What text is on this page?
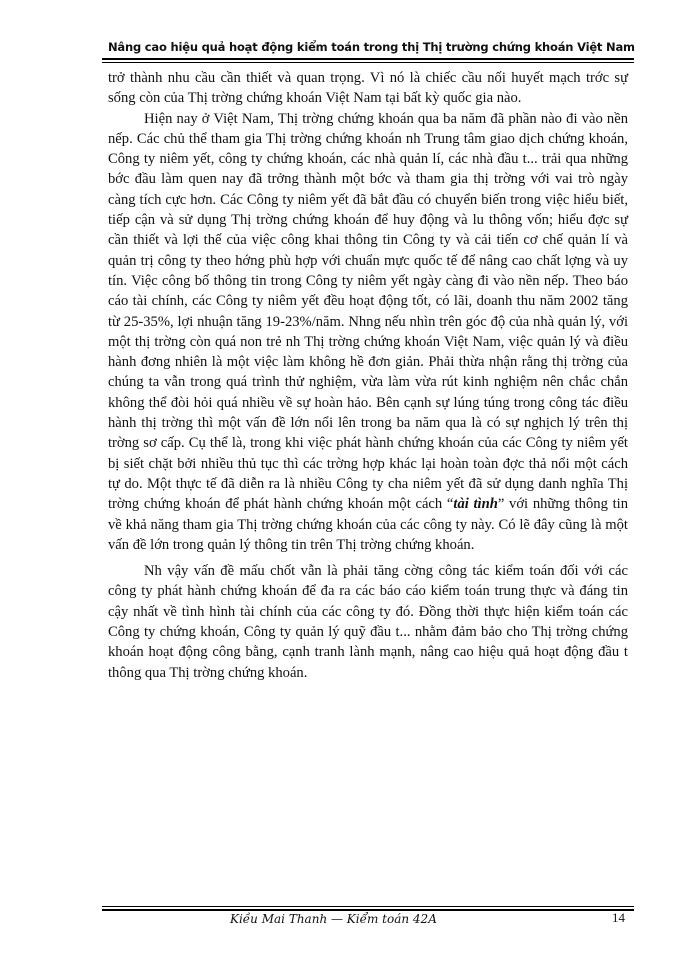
Nâng cao hiệu quả hoạt động kiểm toán trong thị Thị trường chứng khoán Việt Nam

trở thành nhu cầu cần thiết và quan trọng. Vì nó là chiếc cầu nối huyết mạch trớc sự sống còn của Thị trờng chứng khoán Việt Nam tại bất kỳ quốc gia nào.

Hiện nay ở Việt Nam, Thị trờng chứng khoán qua ba năm đã phần nào đi vào nền nếp. Các chủ thể tham gia Thị trờng chứng khoán nh Trung tâm giao dịch chứng khoán, Công ty niêm yết, công ty chứng khoán, các nhà quản lí, các nhà đầu t... trải qua những bớc đầu làm quen nay đã trởng thành một bớc và tham gia thị trờng với vai trò ngày càng tích cực hơn. Các Công ty niêm yết đã bắt đầu có chuyển biến trong việc hiểu biết, tiếp cận và sử dụng Thị trờng chứng khoán để huy động và lu thông vốn; hiểu đợc sự cần thiết và lợi thế của việc công khai thông tin Công ty và cải tiến cơ chế quản lí và quản trị công ty theo hớng phù hợp với chuẩn mực quốc tế để nâng cao chất lợng và uy tín. Việc công bố thông tin trong Công ty niêm yết ngày càng đi vào nền nếp. Theo báo cáo tài chính, các Công ty niêm yết đều hoạt động tốt, có lãi, doanh thu năm 2002 tăng từ 25-35%, lợi nhuận tăng 19-23%/năm. Nhng nếu nhìn trên góc độ của nhà quản lý, với một thị trờng còn quá non trẻ nh Thị trờng chứng khoán Việt Nam, việc quản lý và điều hành đơng nhiên là một việc làm không hề đơn giản. Phải thừa nhận rằng thị trờng của chúng ta vẫn trong quá trình thử nghiệm, vừa làm vừa rút kinh nghiệm nên chắc chắn không thể đòi hỏi quá nhiều về sự hoàn hảo. Bên cạnh sự lúng túng trong công tác điều hành thị trờng thì một vấn đề lớn nổi lên trong ba năm qua là có sự nghịch lý trên thị trờng sơ cấp. Cụ thể là, trong khi việc phát hành chứng khoán của các Công ty niêm yết bị siết chặt bởi nhiều thủ tục thì các trờng hợp khác lại hoàn toàn đợc thả nổi một cách tự do. Một thực tế đã diễn ra là nhiều Công ty cha niêm yết đã sử dụng danh nghĩa Thị trờng chứng khoán để phát hành chứng khoán một cách “tài tình” với những thông tin về khả năng tham gia Thị trờng chứng khoán của các công ty này. Có lẽ đây cũng là một vấn đề lớn trong quản lý thông tin trên Thị trờng chứng khoán.

Nh vậy vấn đề mấu chốt vẫn là phải tăng cờng công tác kiểm toán đối với các công ty phát hành chứng khoán để đa ra các báo cáo kiểm toán trung thực và đáng tin cậy nhất về tình hình tài chính của các công ty đó. Đồng thời thực hiện kiểm toán các Công ty chứng khoán, Công ty quản lý quỹ đầu t... nhằm đảm bảo cho Thị trờng chứng khoán hoạt động công bằng, cạnh tranh lành mạnh, nâng cao hiệu quả hoạt động đầu t thông qua Thị trờng chứng khoán.

Kiều Mai Thanh — Kiểm toán 42A	14
